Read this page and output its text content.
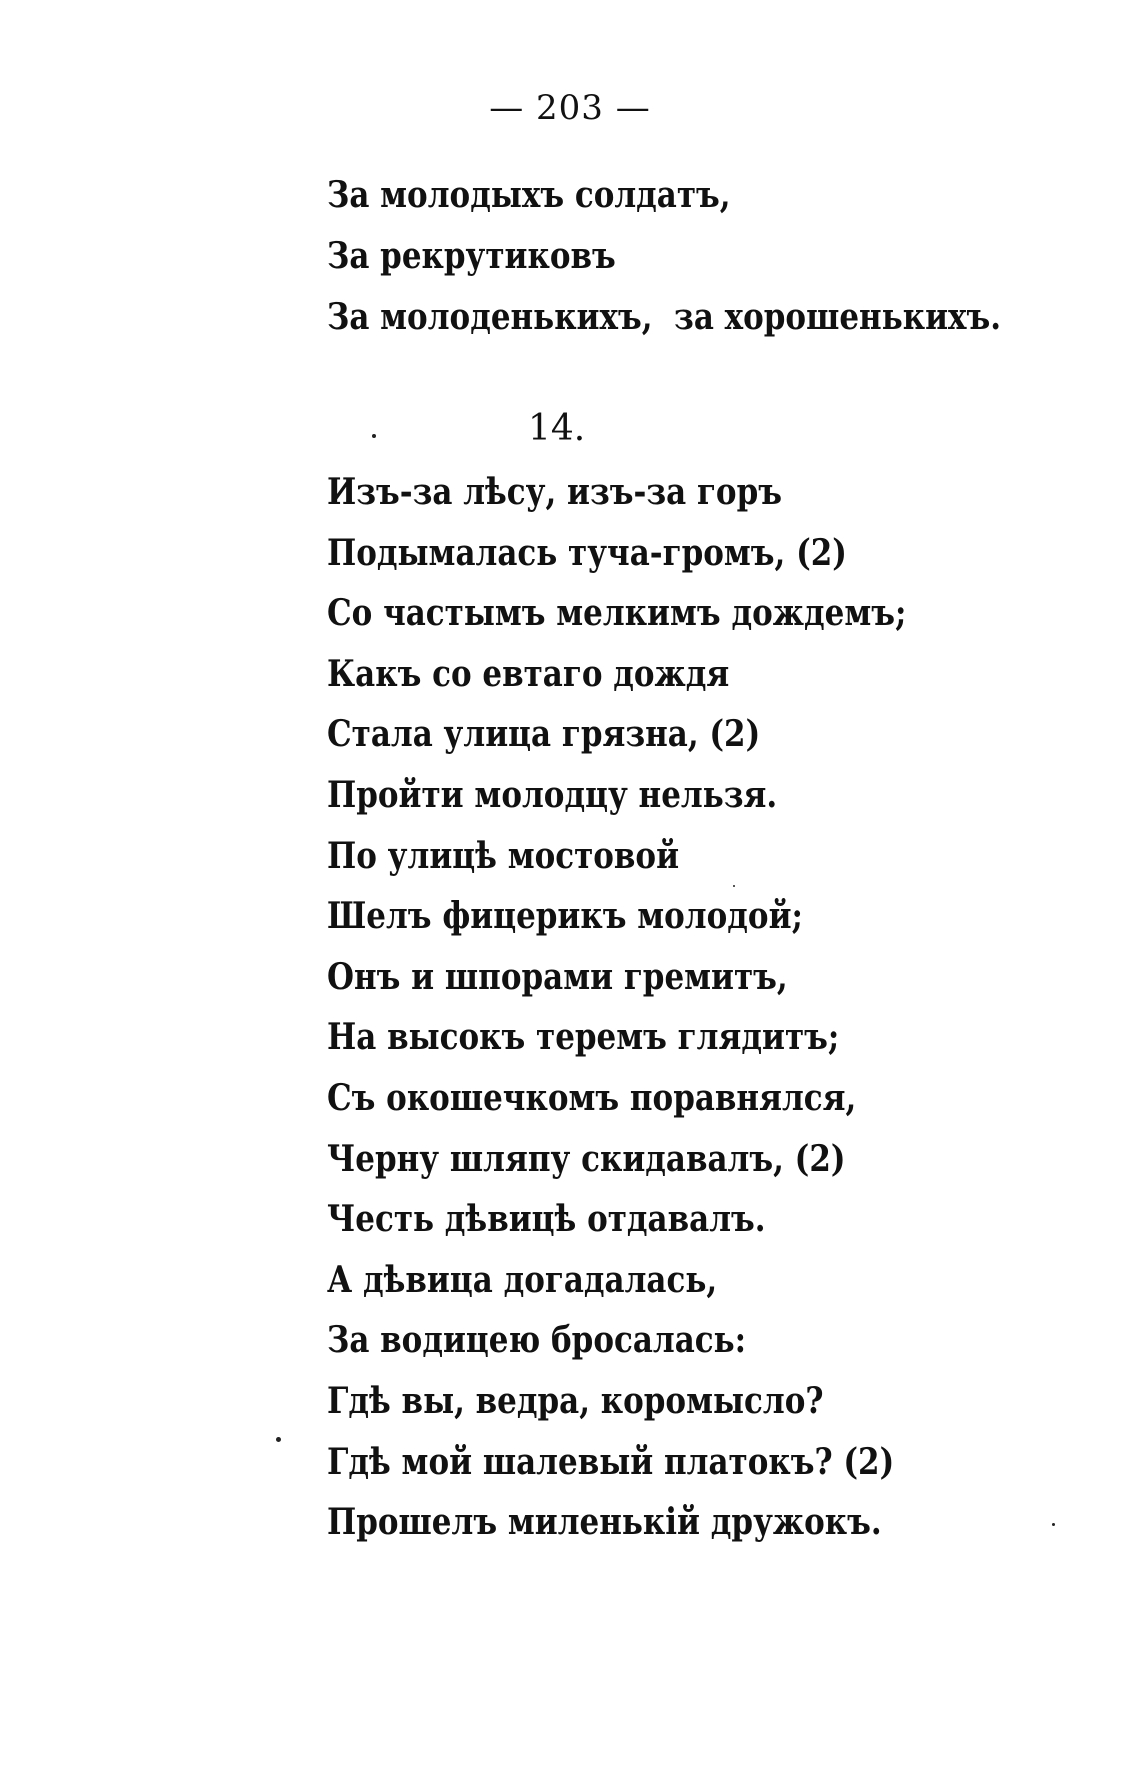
— 203 —
За молодыхъ солдатъ,
За рекрутиковъ
За молоденькихъ,  за хорошенькихъ.
14.
Изъ-за лѣсу, изъ-за горъ
Подымалась туча-громъ, (2)
Со частымъ мелкимъ дождемъ;
Какъ со евтаго дождя
Стала улица грязна, (2)
Пройти молодцу нельзя.
По улицѣ мостовой
Шелъ фицерикъ молодой;
Онъ и шпорами гремитъ,
На высокъ теремъ глядитъ;
Съ окошечкомъ поравнялся,
Черну шляпу скидавалъ, (2)
Честь дѣвицѣ отдавалъ.
А дѣвица догадалась,
За водицею бросалась:
Гдѣ вы, ведра, коромысло?
Гдѣ мой шалевый платокъ? (2)
Прошелъ миленькій дружокъ.
